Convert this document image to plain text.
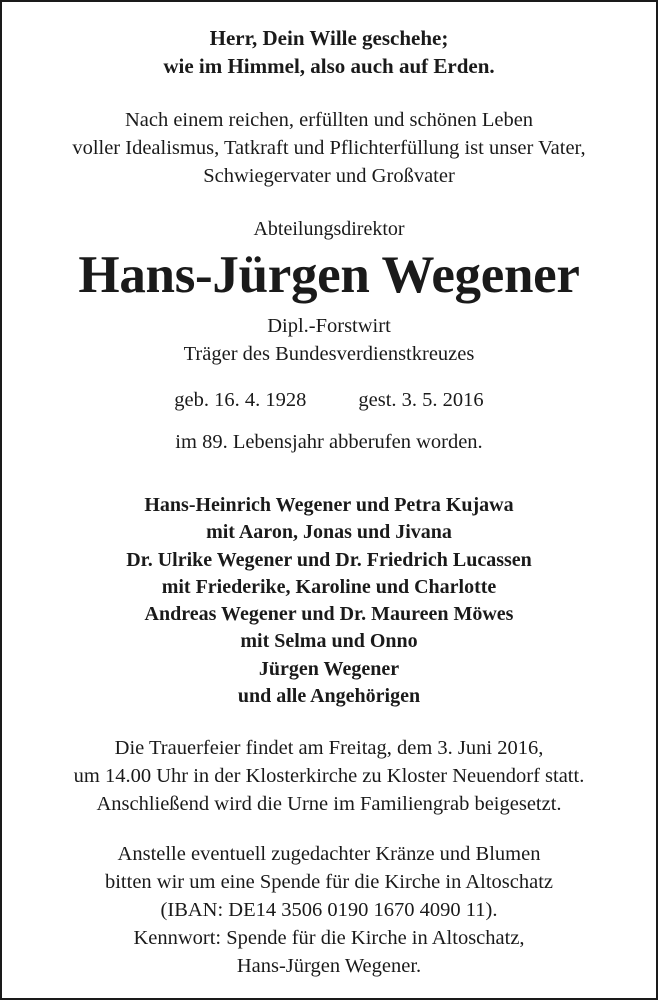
Herr, Dein Wille geschehe;
wie im Himmel, also auch auf Erden.
Nach einem reichen, erfüllten und schönen Leben
voller Idealismus, Tatkraft und Pflichterfüllung ist unser Vater,
Schwiegervater und Großvater
Abteilungsdirektor
Hans-Jürgen Wegener
Dipl.-Forstwirt
Träger des Bundesverdienstkreuzes
geb. 16. 4. 1928	gest. 3. 5. 2016
im 89. Lebensjahr abberufen worden.
Hans-Heinrich Wegener und Petra Kujawa
mit Aaron, Jonas und Jivana
Dr. Ulrike Wegener und Dr. Friedrich Lucassen
mit Friederike, Karoline und Charlotte
Andreas Wegener und Dr. Maureen Möwes
mit Selma und Onno
Jürgen Wegener
und alle Angehörigen
Die Trauerfeier findet am Freitag, dem 3. Juni 2016,
um 14.00 Uhr in der Klosterkirche zu Kloster Neuendorf statt.
Anschließend wird die Urne im Familiengrab beigesetzt.
Anstelle eventuell zugedachter Kränze und Blumen
bitten wir um eine Spende für die Kirche in Altoschatz
(IBAN: DE14 3506 0190 1670 4090 11).
Kennwort: Spende für die Kirche in Altoschatz,
Hans-Jürgen Wegener.
